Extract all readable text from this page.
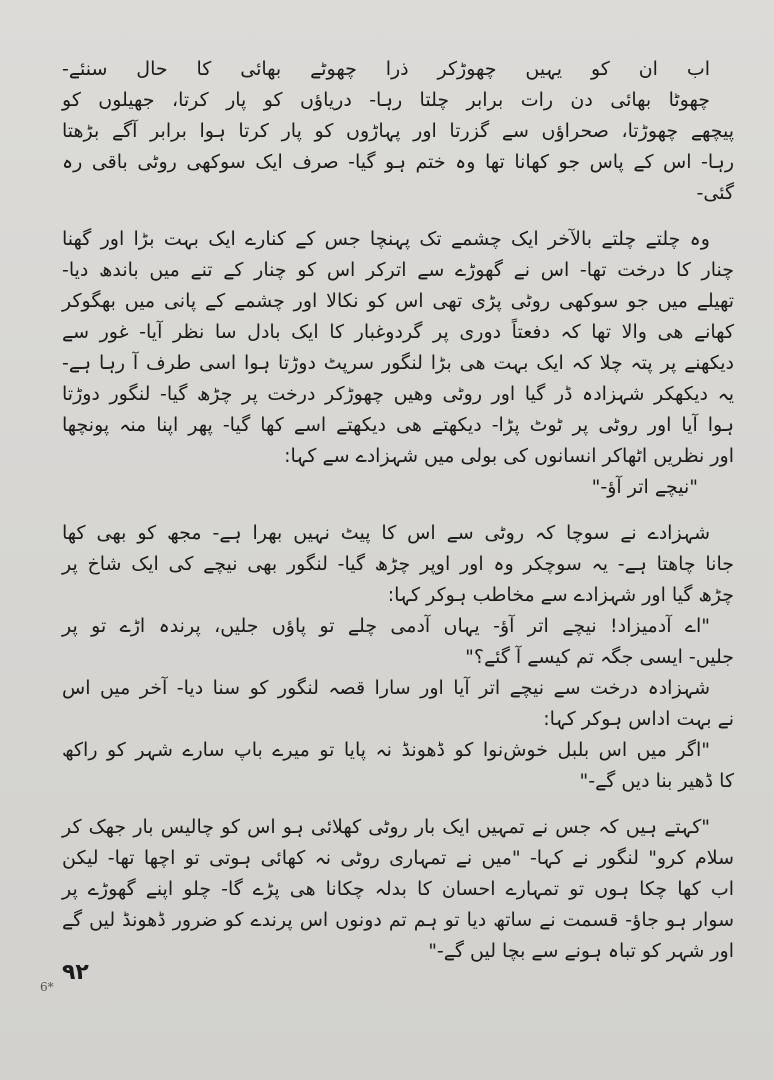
اب ان کو یہیں چھوڑکر ذرا چھوٹے بھائی کا حال سنئے-

چھوٹا بھائی دن رات برابر چلتا رہا- دریاؤں کو پار کرتا، جھیلوں کو

پیچھے چھوڑتا، صحراؤں سے گزرتا اور پہاڑوں کو پار کرتا ہوا برابر آگے بڑھتا

رہا- اس کے پاس جو کھانا تھا وہ ختم ہو گیا- صرف ایک سوکھی روٹی باقی رہ

گئی-

وہ چلتے چلتے بالآخر ایک چشمے تک پہنچا جس کے کنارے ایک بہت بڑا اور گھنا

چنار کا درخت تھا- اس نے گھوڑے سے اترکر اس کو چنار کے تنے میں باندھ دیا-

تھیلے میں جو سوکھی روٹی پڑی تھی اس کو نکالا اور چشمے کے پانی میں بھگوکر

کھانے ھی والا تھا کہ دفعتاً دوری پر گردوغبار کا ایک بادل سا نظر آیا- غور سے

دیکھنے پر پتہ چلا کہ ایک بہت ھی بڑا لنگور سرپٹ دوڑتا ہوا اسی طرف آ رہا ہے-

یہ دیکھکر شہزادہ ڈر گیا اور روٹی وھیں چھوڑکر درخت پر چڑھ گیا- لنگور دوڑتا

ہوا آیا اور روٹی پر ٹوٹ پڑا- دیکھتے ھی دیکھتے اسے کھا گیا- پھر اپنا منہ پونچھا

اور نظریں اٹھاکر انسانوں کی بولی میں شہزادے سے کہا:

"نیچے اتر آؤ-"

شہزادے نے سوچا کہ روٹی سے اس کا پیٹ نہیں بھرا ہے- مجھ کو بھی کھا

جانا چاھتا ہے- یہ سوچکر وہ اور اوپر چڑھ گیا- لنگور بھی نیچے کی ایک شاخ پر

چڑھ گیا اور شہزادے سے مخاطب ہوکر کہا:

"اے آدمیزاد! نیچے اتر آؤ- یہاں آدمی چلے تو پاؤں جلیں، پرندہ اڑے تو پر

جلیں- ایسی جگہ تم کیسے آ گئے؟"

شہزادہ درخت سے نیچے اتر آیا اور سارا قصہ لنگور کو سنا دیا- آخر میں اس

نے بہت اداس ہوکر کہا:

"اگر میں اس بلبل خوش‌نوا کو ڈھونڈ نہ پایا تو میرے باپ سارے شہر کو راکھ

کا ڈھیر بنا دیں گے-"

"کہتے ہیں کہ جس نے تمہیں ایک بار روٹی کھلائی ہو اس کو چالیس بار جھک کر

سلام کرو" لنگور نے کہا- "میں نے تمہاری روٹی نہ کھائی ہوتی تو اچھا تھا- لیکن

اب کھا چکا ہوں تو تمہارے احسان کا بدلہ چکانا ھی پڑے گا- چلو اپنے گھوڑے پر

سوار ہو جاؤ- قسمت نے ساتھ دیا تو ہم تم دونوں اس پرندے کو ضرور ڈھونڈ لیں گے

اور شہر کو تباہ ہونے سے بچا لیں گے-"

۹۲
6*
